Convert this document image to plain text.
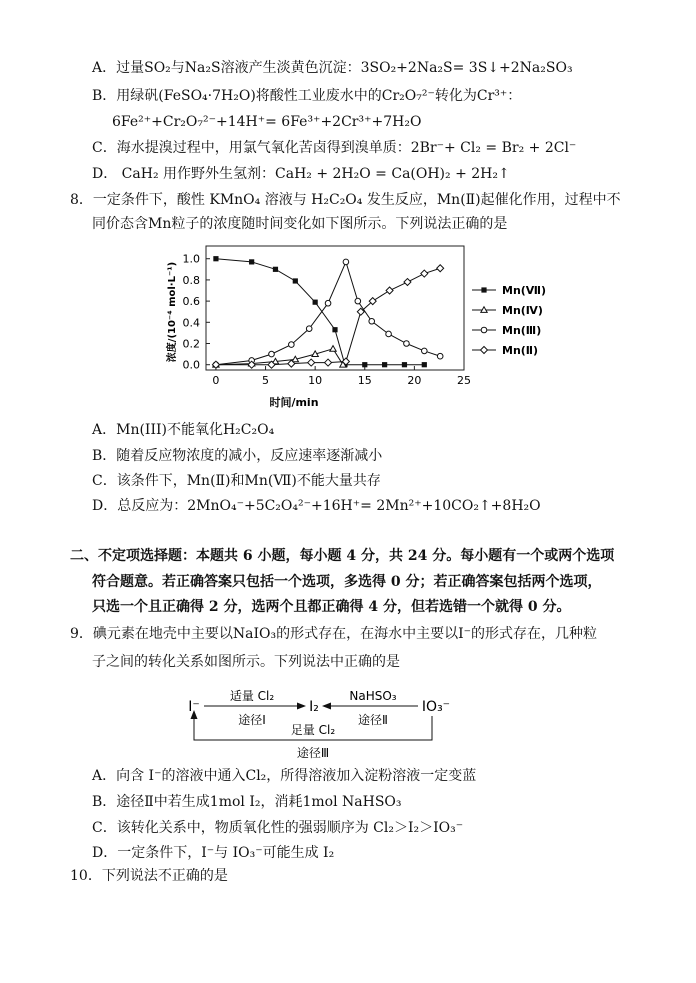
A．过量SO₂与Na₂S溶液产生淡黄色沉淀：3SO₂+2Na₂S= 3S↓+2Na₂SO₃
B．用绿矾(FeSO₄·7H₂O)将酸性工业废水中的Cr₂O₇²⁻转化为Cr³⁺：
6Fe²⁺+Cr₂O₇²⁻+14H⁺= 6Fe³⁺+2Cr³⁺+7H₂O
C．海水提溴过程中，用氯气氧化苦卤得到溴单质：2Br⁻+ Cl₂ = Br₂ + 2Cl⁻
D． CaH₂ 用作野外生氢剂：CaH₂ + 2H₂O = Ca(OH)₂ + 2H₂↑
8．一定条件下，酸性 KMnO₄ 溶液与 H₂C₂O₄ 发生反应，Mn(Ⅱ)起催化作用，过程中不
同价态含Mn粒子的浓度随时间变化如下图所示。下列说法正确的是
0	5	10	15	20	25
0.0
0.2
0.4
0.6
0.8
1.0
Mn(Ⅶ)
Mn(Ⅳ)
Mn(Ⅲ)
Mn(Ⅱ)
时间/min
浓度/(10⁻⁴ mol·L⁻¹)
A．Mn(III)不能氧化H₂C₂O₄
B．随着反应物浓度的减小，反应速率逐渐减小
C．该条件下，Mn(Ⅱ)和Mn(Ⅶ)不能大量共存
D．总反应为：2MnO₄⁻+5C₂O₄²⁻+16H⁺= 2Mn²⁺+10CO₂↑+8H₂O
二、不定项选择题：本题共 6 小题，每小题 4 分，共 24 分。每小题有一个或两个选项
符合题意。若正确答案只包括一个选项，多选得 0 分；若正确答案包括两个选项，
只选一个且正确得 2 分，选两个且都正确得 4 分，但若选错一个就得 0 分。
9．碘元素在地壳中主要以NaIO₃的形式存在，在海水中主要以I⁻的形式存在，几种粒
子之间的转化关系如图所示。下列说法中正确的是
I⁻	I₂	IO₃⁻
适量 Cl₂
途径Ⅰ
NaHSO₃
途径Ⅱ
足量 Cl₂
途径Ⅲ
A．向含 I⁻的溶液中通入Cl₂，所得溶液加入淀粉溶液一定变蓝
B．途径Ⅱ中若生成1mol I₂，消耗1mol NaHSO₃
C．该转化关系中，物质氧化性的强弱顺序为 Cl₂＞I₂＞IO₃⁻
D．一定条件下，I⁻与 IO₃⁻可能生成 I₂
10．下列说法不正确的是
